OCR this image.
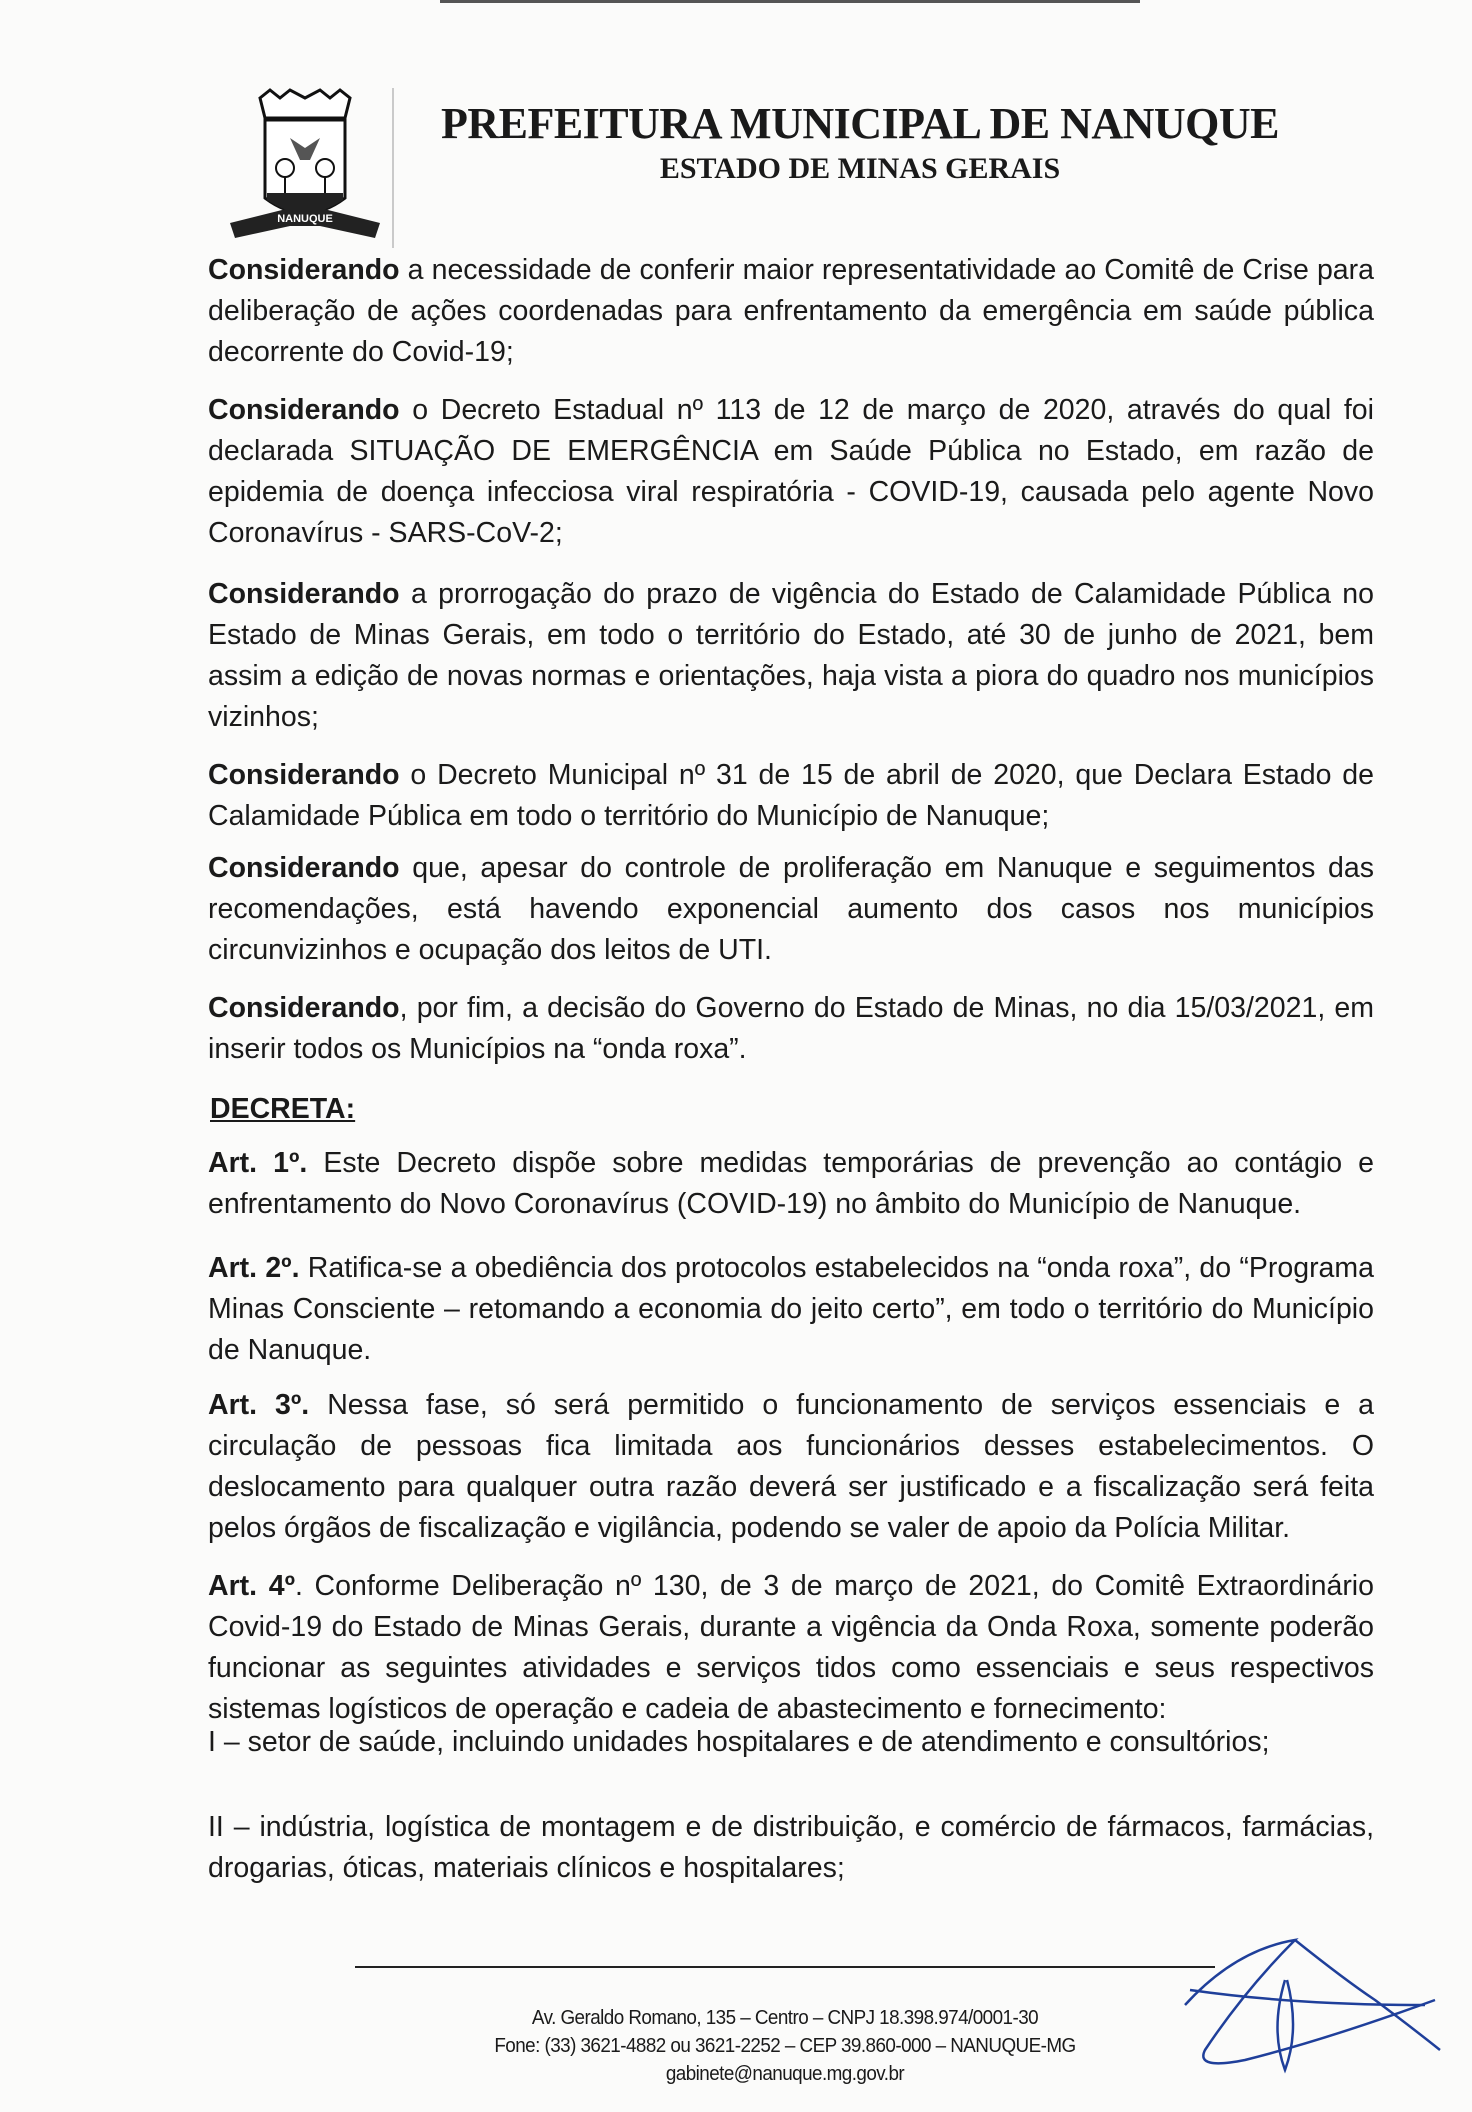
NANUQUE
PREFEITURA MUNICIPAL DE NANUQUE
ESTADO DE MINAS GERAIS

Considerando a necessidade de conferir maior representatividade ao Comitê de Crise para deliberação de ações coordenadas para enfrentamento da emergência em saúde pública decorrente do Covid-19;

Considerando o Decreto Estadual nº 113 de 12 de março de 2020, através do qual foi declarada SITUAÇÃO DE EMERGÊNCIA em Saúde Pública no Estado, em razão de epidemia de doença infecciosa viral respiratória - COVID-19, causada pelo agente Novo Coronavírus - SARS-CoV-2;

Considerando a prorrogação do prazo de vigência do Estado de Calamidade Pública no Estado de Minas Gerais, em todo o território do Estado, até 30 de junho de 2021, bem assim a edição de novas normas e orientações, haja vista a piora do quadro nos municípios vizinhos;

Considerando o Decreto Municipal nº 31 de 15 de abril de 2020, que Declara Estado de Calamidade Pública em todo o território do Município de Nanuque;

Considerando que, apesar do controle de proliferação em Nanuque e seguimentos das recomendações, está havendo exponencial aumento dos casos nos municípios circunvizinhos e ocupação dos leitos de UTI.

Considerando, por fim, a decisão do Governo do Estado de Minas, no dia 15/03/2021, em inserir todos os Municípios na “onda roxa”.

DECRETA:

Art. 1º. Este Decreto dispõe sobre medidas temporárias de prevenção ao contágio e enfrentamento do Novo Coronavírus (COVID-19) no âmbito do Município de Nanuque.

Art. 2º. Ratifica-se a obediência dos protocolos estabelecidos na “onda roxa”, do “Programa Minas Consciente – retomando a economia do jeito certo”, em todo o território do Município de Nanuque.

Art. 3º. Nessa fase, só será permitido o funcionamento de serviços essenciais e a circulação de pessoas fica limitada aos funcionários desses estabelecimentos. O deslocamento para qualquer outra razão deverá ser justificado e a fiscalização será feita pelos órgãos de fiscalização e vigilância, podendo se valer de apoio da Polícia Militar.

Art. 4º. Conforme Deliberação nº 130, de 3 de março de 2021, do Comitê Extraordinário Covid-19 do Estado de Minas Gerais, durante a vigência da Onda Roxa, somente poderão funcionar as seguintes atividades e serviços tidos como essenciais e seus respectivos sistemas logísticos de operação e cadeia de abastecimento e fornecimento:

I – setor de saúde, incluindo unidades hospitalares e de atendimento e consultórios;

II – indústria, logística de montagem e de distribuição, e comércio de fármacos, farmácias, drogarias, óticas, materiais clínicos e hospitalares;

Av. Geraldo Romano, 135 – Centro – CNPJ 18.398.974/0001-30
Fone: (33) 3621-4882 ou 3621-2252 – CEP 39.860-000 – NANUQUE-MG
gabinete@nanuque.mg.gov.br
